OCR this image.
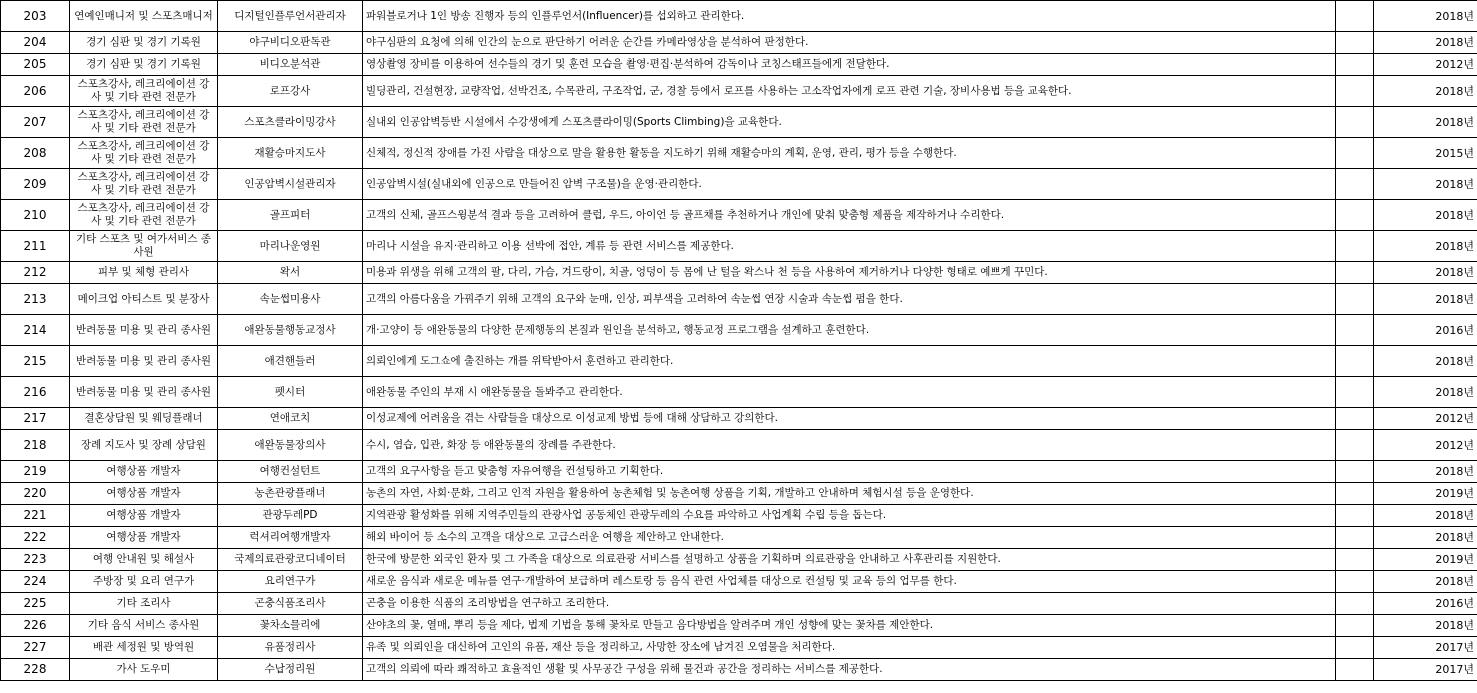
203	연예인매니저 및 스포츠매니저	디지털인플루언서관리자	파워블로거나 1인 방송 진행자 등의 인플루언서(Influencer)를 섭외하고 관리한다.		2018년
204	경기 심판 및 경기 기록원	야구비디오판독관	야구심판의 요청에 의해 인간의 눈으로 판단하기 어려운 순간를 카메라영상을 분석하여 판정한다.		2018년
205	경기 심판 및 경기 기록원	비디오분석관	영상촬영 장비를 이용하여 선수들의 경기 및 훈련 모습을 촬영·편집·분석하여 감독이나 코칭스태프들에게 전달한다.		2012년
206	스포츠강사, 레크리에이션 강사 및 기타 관련 전문가	로프강사	빌딩관리, 건설현장, 교량작업, 선박건조, 수목관리, 구조작업, 군, 경찰 등에서 로프를 사용하는 고소작업자에게 로프 관련 기술, 장비사용법 등을 교육한다.		2018년
207	스포츠강사, 레크리에이션 강사 및 기타 관련 전문가	스포츠클라이밍강사	실내외 인공암벽등반 시설에서 수강생에게 스포츠클라이밍(Sports Climbing)을 교육한다.		2018년
208	스포츠강사, 레크리에이션 강사 및 기타 관련 전문가	재활승마지도사	신체적, 정신적 장애를 가진 사람을 대상으로 말을 활용한 활동을 지도하기 위해 재활승마의 계획, 운영, 관리, 평가 등을 수행한다.		2015년
209	스포츠강사, 레크리에이션 강사 및 기타 관련 전문가	인공암벽시설관리자	인공암벽시설(실내외에 인공으로 만들어진 암벽 구조물)을 운영·관리한다.		2018년
210	스포츠강사, 레크리에이션 강사 및 기타 관련 전문가	골프피터	고객의 신체, 골프스윙분석 결과 등을 고려하여 클럽, 우드, 아이언 등 골프채를 추천하거나 개인에 맞춰 맞춤형 제품을 제작하거나 수리한다.		2018년
211	기타 스포츠 및 여가서비스 종사원	마리나운영원	마리나 시설을 유지·관리하고 이용 선박에 접안, 계류 등 관련 서비스를 제공한다.		2018년
212	피부 및 체형 관리사	왁서	미용과 위생을 위해 고객의 팔, 다리, 가슴, 겨드랑이, 치골, 엉덩이 등 몸에 난 털을 왁스나 천 등을 사용하여 제거하거나 다양한 형태로 예쁘게 꾸민다.		2018년
213	메이크업 아티스트 및 분장사	속눈썹미용사	고객의 아름다움을 가꿔주기 위해 고객의 요구와 눈매, 인상, 피부색을 고려하여 속눈썹 연장 시술과 속눈썹 펌을 한다.		2018년
214	반려동물 미용 및 관리 종사원	애완동물행동교정사	개·고양이 등 애완동물의 다양한 문제행동의 본질과 원인을 분석하고, 행동교정 프로그램을 설계하고 훈련한다.		2016년
215	반려동물 미용 및 관리 종사원	애견핸들러	의뢰인에게 도그쇼에 출진하는 개를 위탁받아서 훈련하고 관리한다.		2018년
216	반려동물 미용 및 관리 종사원	펫시터	애완동물 주인의 부재 시 애완동물을 돌봐주고 관리한다.		2018년
217	결혼상담원 및 웨딩플래너	연애코치	이성교제에 어려움을 겪는 사람들을 대상으로 이성교제 방법 등에 대해 상담하고 강의한다.		2012년
218	장례 지도사 및 장례 상담원	애완동물장의사	수시, 염습, 입관, 화장 등 애완동물의 장례를 주관한다.		2012년
219	여행상품 개발자	여행컨설턴트	고객의 요구사항을 듣고 맞춤형 자유여행을 컨설팅하고 기획한다.		2018년
220	여행상품 개발자	농촌관광플래너	농촌의 자연, 사회·문화, 그리고 인적 자원을 활용하여 농촌체험 및 농촌여행 상품을 기획, 개발하고 안내하며 체험시설 등을 운영한다.		2019년
221	여행상품 개발자	관광두레PD	지역관광 활성화를 위해 지역주민들의 관광사업 공동체인 관광두레의 수요를 파악하고 사업계획 수립 등을 돕는다.		2018년
222	여행상품 개발자	럭셔리여행개발자	해외 바이어 등 소수의 고객을 대상으로 고급스러운 여행을 제안하고 안내한다.		2018년
223	여행 안내원 및 해설사	국제의료관광코디네이터	한국에 방문한 외국인 환자 및 그 가족을 대상으로 의료관광 서비스를 설명하고 상품을 기획하며 의료관광을 안내하고 사후관리를 지원한다.		2019년
224	주방장 및 요리 연구가	요리연구가	새로운 음식과 새로운 메뉴를 연구·개발하여 보급하며 레스토랑 등 음식 관련 사업체를 대상으로 컨설팅 및 교육 등의 업무를 한다.		2018년
225	기타 조리사	곤충식품조리사	곤충을 이용한 식품의 조리방법을 연구하고 조리한다.		2016년
226	기타 음식 서비스 종사원	꽃차소믈리에	산야초의 꽃, 열매, 뿌리 등을 제다, 법제 기법을 통해 꽃차로 만들고 음다방법을 알려주며 개인 성향에 맞는 꽃차를 제안한다.		2018년
227	배관 세정원 및 방역원	유품정리사	유족 및 의뢰인을 대신하여 고인의 유품, 재산 등을 정리하고, 사망한 장소에 남겨진 오염물을 처리한다.		2017년
228	가사 도우미	수납정리원	고객의 의뢰에 따라 쾌적하고 효율적인 생활 및 사무공간 구성을 위해 물건과 공간을 정리하는 서비스를 제공한다.		2017년
